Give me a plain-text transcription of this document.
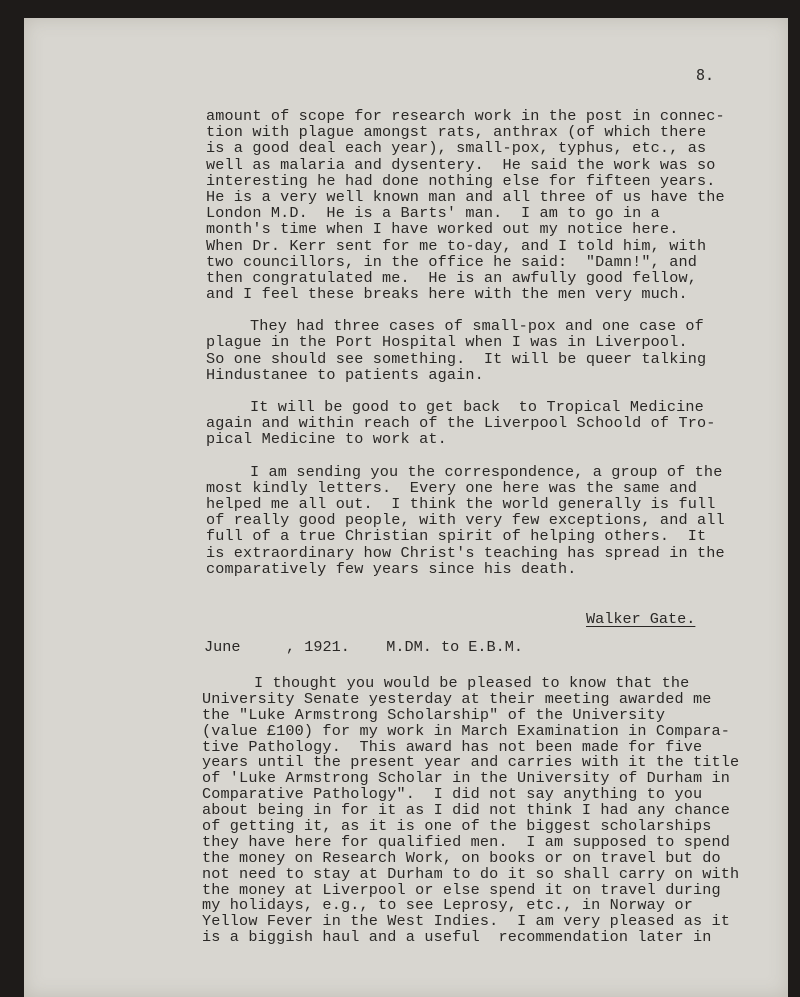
8.
amount of scope for research work in the post in connec-
tion with plague amongst rats, anthrax (of which there
is a good deal each year), small-pox, typhus, etc., as
well as malaria and dysentery.  He said the work was so
interesting he had done nothing else for fifteen years.
He is a very well known man and all three of us have the
London M.D.  He is a Barts' man.  I am to go in a
month's time when I have worked out my notice here.
When Dr. Kerr sent for me to-day, and I told him, with
two councillors, in the office he said:  "Damn!", and
then congratulated me.  He is an awfully good fellow,
and I feel these breaks here with the men very much.
They had three cases of small-pox and one case of
plague in the Port Hospital when I was in Liverpool.
So one should see something.  It will be queer talking
Hindustanee to patients again.
It will be good to get back  to Tropical Medicine
again and within reach of the Liverpool Schoold of Tro-
pical Medicine to work at.
I am sending you the correspondence, a group of the
most kindly letters.  Every one here was the same and
helped me all out.  I think the world generally is full
of really good people, with very few exceptions, and all
full of a true Christian spirit of helping others.  It
is extraordinary how Christ's teaching has spread in the
comparatively few years since his death.
Walker Gate.
June     , 1921.    M.DM. to E.B.M.
I thought you would be pleased to know that the
University Senate yesterday at their meeting awarded me
the "Luke Armstrong Scholarship" of the University
(value £100) for my work in March Examination in Compara-
tive Pathology.  This award has not been made for five
years until the present year and carries with it the title
of 'Luke Armstrong Scholar in the University of Durham in
Comparative Pathology".  I did not say anything to you
about being in for it as I did not think I had any chance
of getting it, as it is one of the biggest scholarships
they have here for qualified men.  I am supposed to spend
the money on Research Work, on books or on travel but do
not need to stay at Durham to do it so shall carry on with
the money at Liverpool or else spend it on travel during
my holidays, e.g., to see Leprosy, etc., in Norway or
Yellow Fever in the West Indies.  I am very pleased as it
is a biggish haul and a useful  recommendation later in
